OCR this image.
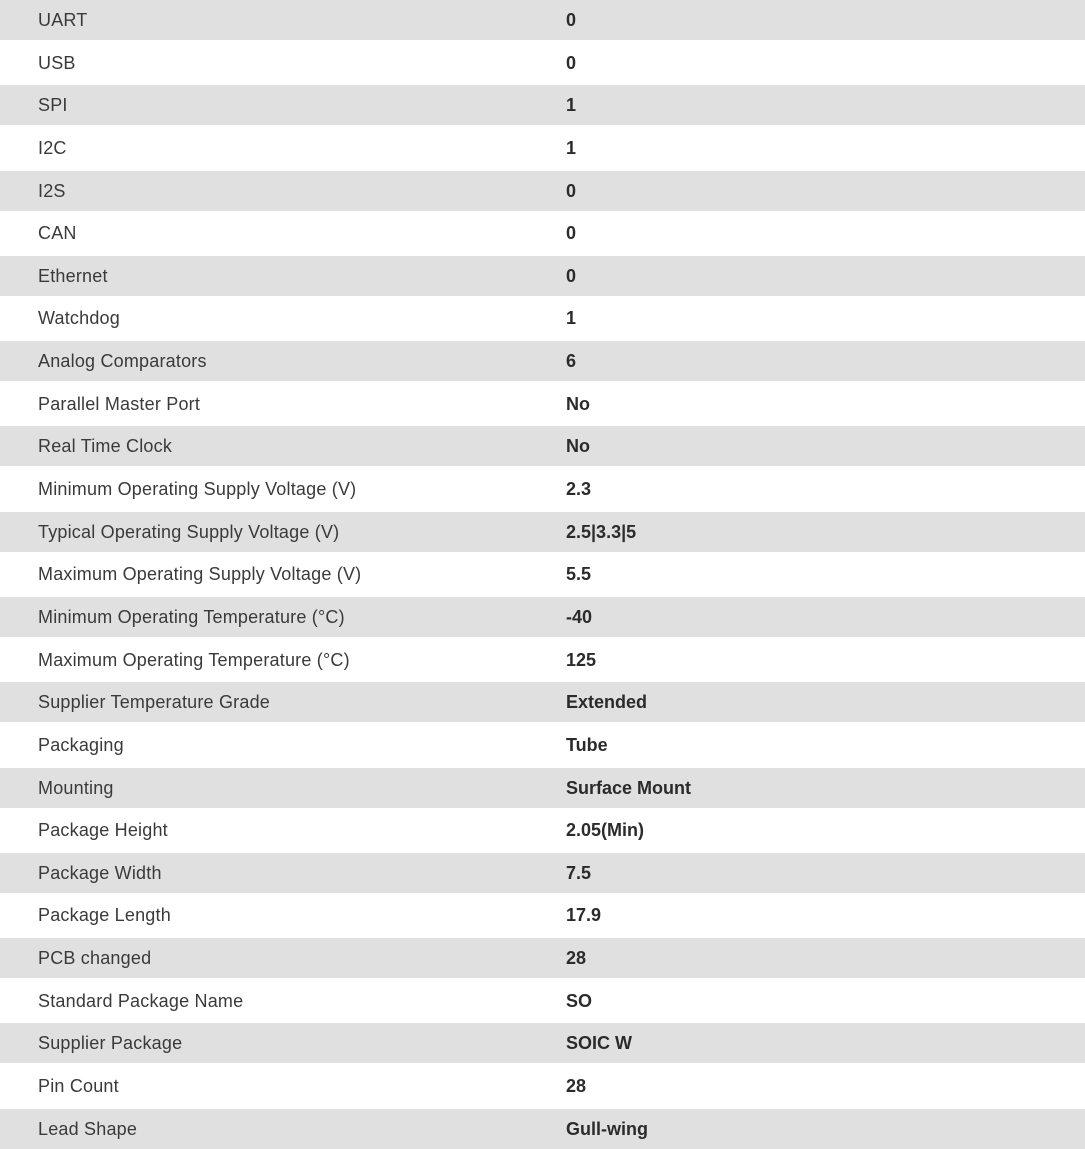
UART	0

USB	0

SPI	1

I2C	1

I2S	0

CAN	0

Ethernet	0

Watchdog	1

Analog Comparators	6

Parallel Master Port	No

Real Time Clock	No

Minimum Operating Supply Voltage (V)	2.3

Typical Operating Supply Voltage (V)	2.5|3.3|5

Maximum Operating Supply Voltage (V)	5.5

Minimum Operating Temperature (°C)	-40

Maximum Operating Temperature (°C)	125

Supplier Temperature Grade	Extended

Packaging	Tube

Mounting	Surface Mount

Package Height	2.05(Min)

Package Width	7.5

Package Length	17.9

PCB changed	28

Standard Package Name	SO

Supplier Package	SOIC W

Pin Count	28

Lead Shape	Gull-wing
